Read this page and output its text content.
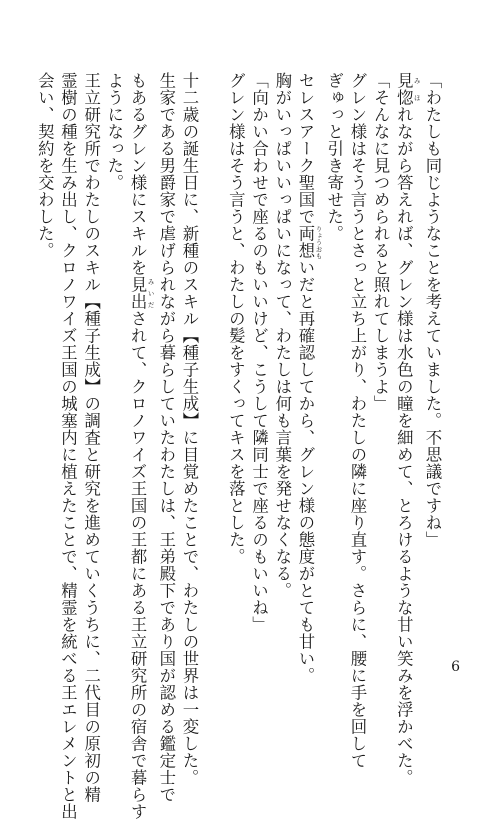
「わたしも同じようなことを考えていました。不思議ですね」
見惚 みほれながら答えれば、グレン様は水色の瞳を細めて、とろけるような甘い笑みを浮かべた。
「そんなに見つめられると照れてしまうよ」
グレン様はそう言うとさっと立ち上がり、わたしの隣に座り直す。さらに、腰に手を回して
ぎゅっと引き寄せた。
セレスアーク聖国で両想 りょうおもいだと再確認してから、グレン様の態度がとても甘い。
胸がいっぱいいっぱいになって、わたしは何も言葉を発せなくなる。
「向かい合わせで座るのもいいけど、こうして隣同士で座るのもいいね」
グレン様はそう言うと、わたしの髪をすくってキスを落とした。
十二歳の誕生日に、新種のスキル【種子生成】に目覚めたことで、わたしの世界は一変した。
生家である男爵家で虐げられながら暮らしていたわたしは、王弟殿下であり国が認める鑑定士で
もあるグレン様にスキルを見出 みいだされて、クロノワイズ王国の王都にある王立研究所の宿舎で暮らす
ようになった。
王立研究所でわたしのスキル【種子生成】の調査と研究を進めていくうちに、二代目の原初の精
霊樹の種を生み出し、クロノワイズ王国の城塞内に植えたことで、精霊を統べる王エレメントと出
会い、契約を交わした。
6
